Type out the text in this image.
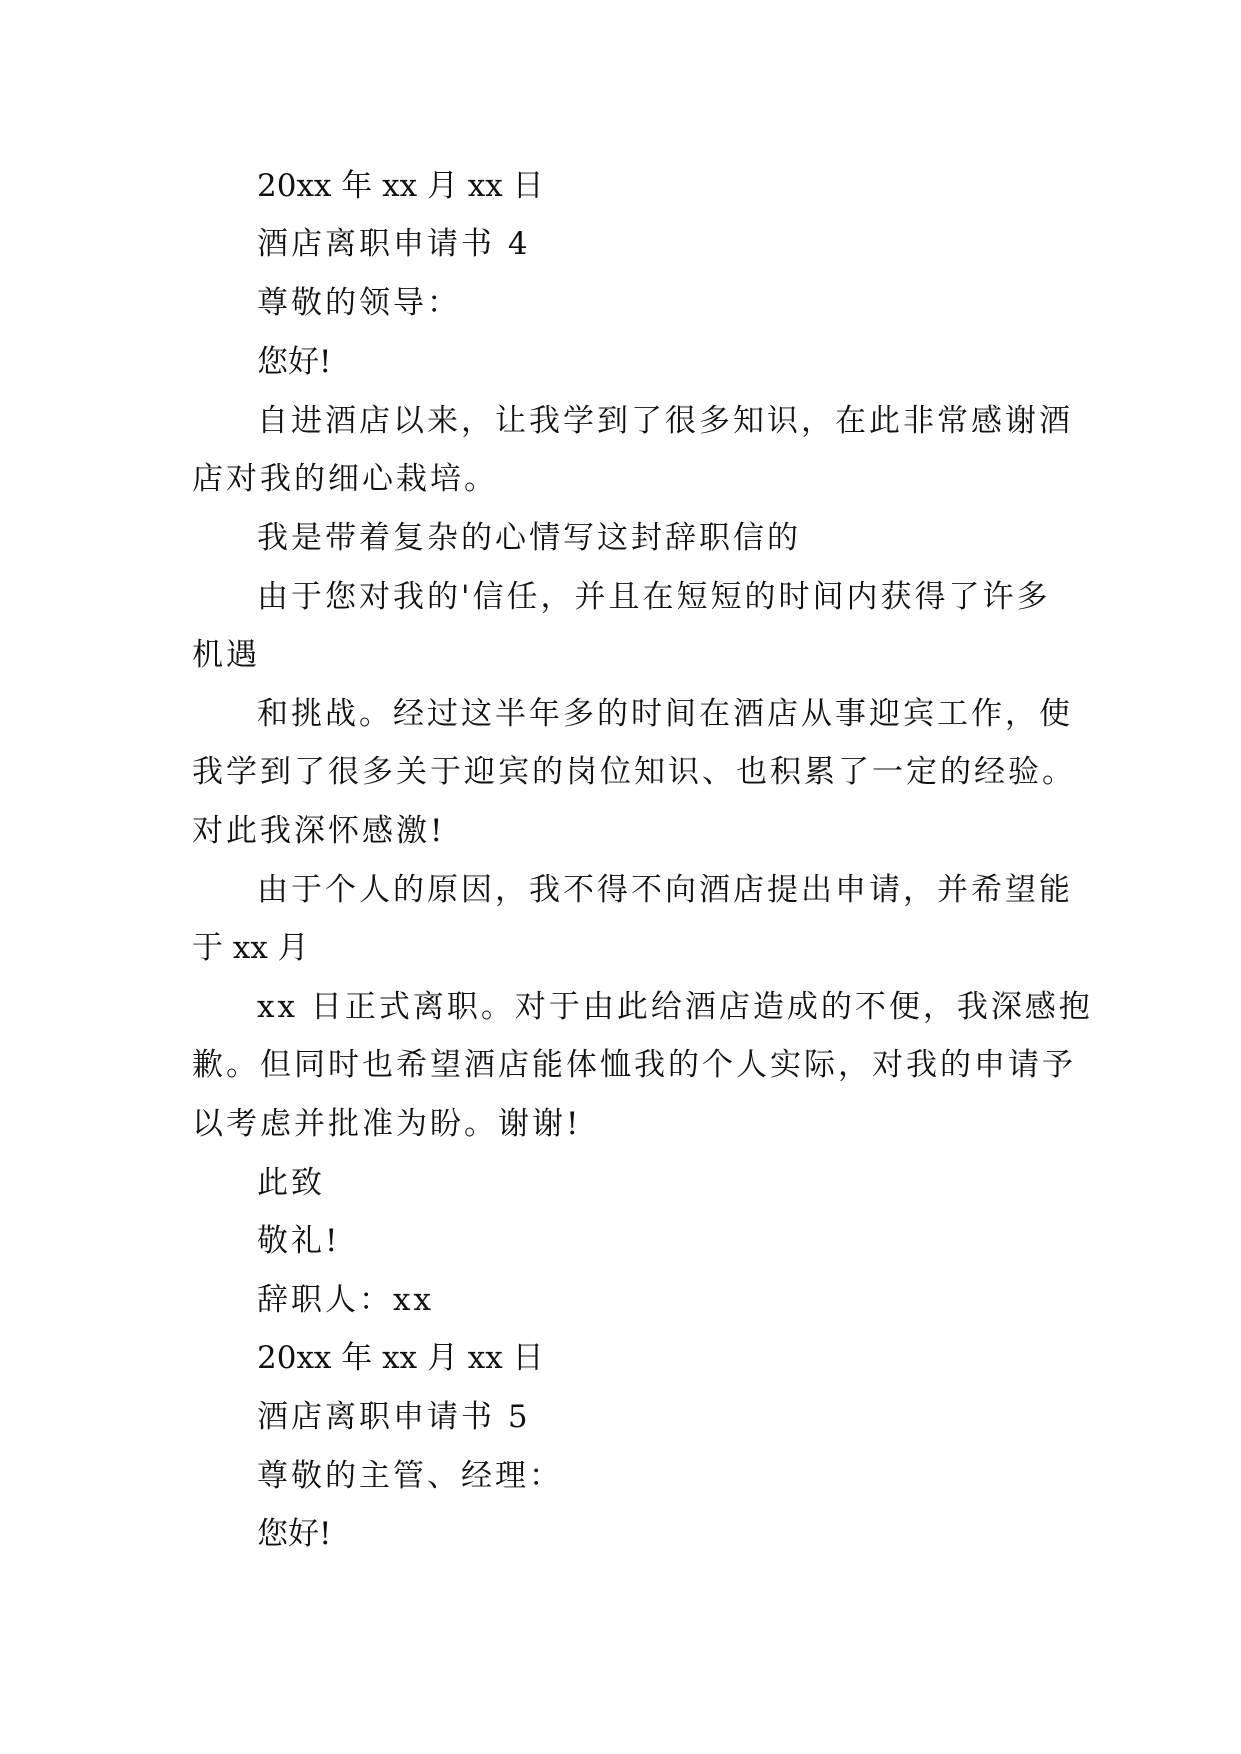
20xx 年 xx 月 xx 日

酒店离职申请书 4

尊敬的领导：

您好!

自进酒店以来，让我学到了很多知识，在此非常感谢酒

店对我的细心栽培。

我是带着复杂的心情写这封辞职信的

由于您对我的'信任，并且在短短的时间内获得了许多

机遇

和挑战。经过这半年多的时间在酒店从事迎宾工作，使

我学到了很多关于迎宾的岗位知识、也积累了一定的经验。

对此我深怀感激!

由于个人的原因，我不得不向酒店提出申请，并希望能

于 xx 月

xx 日正式离职。对于由此给酒店造成的不便，我深感抱

歉。但同时也希望酒店能体恤我的个人实际，对我的申请予

以考虑并批准为盼。谢谢!

此致

敬礼!

辞职人：xx

20xx 年 xx 月 xx 日

酒店离职申请书 5

尊敬的主管、经理：

您好!
